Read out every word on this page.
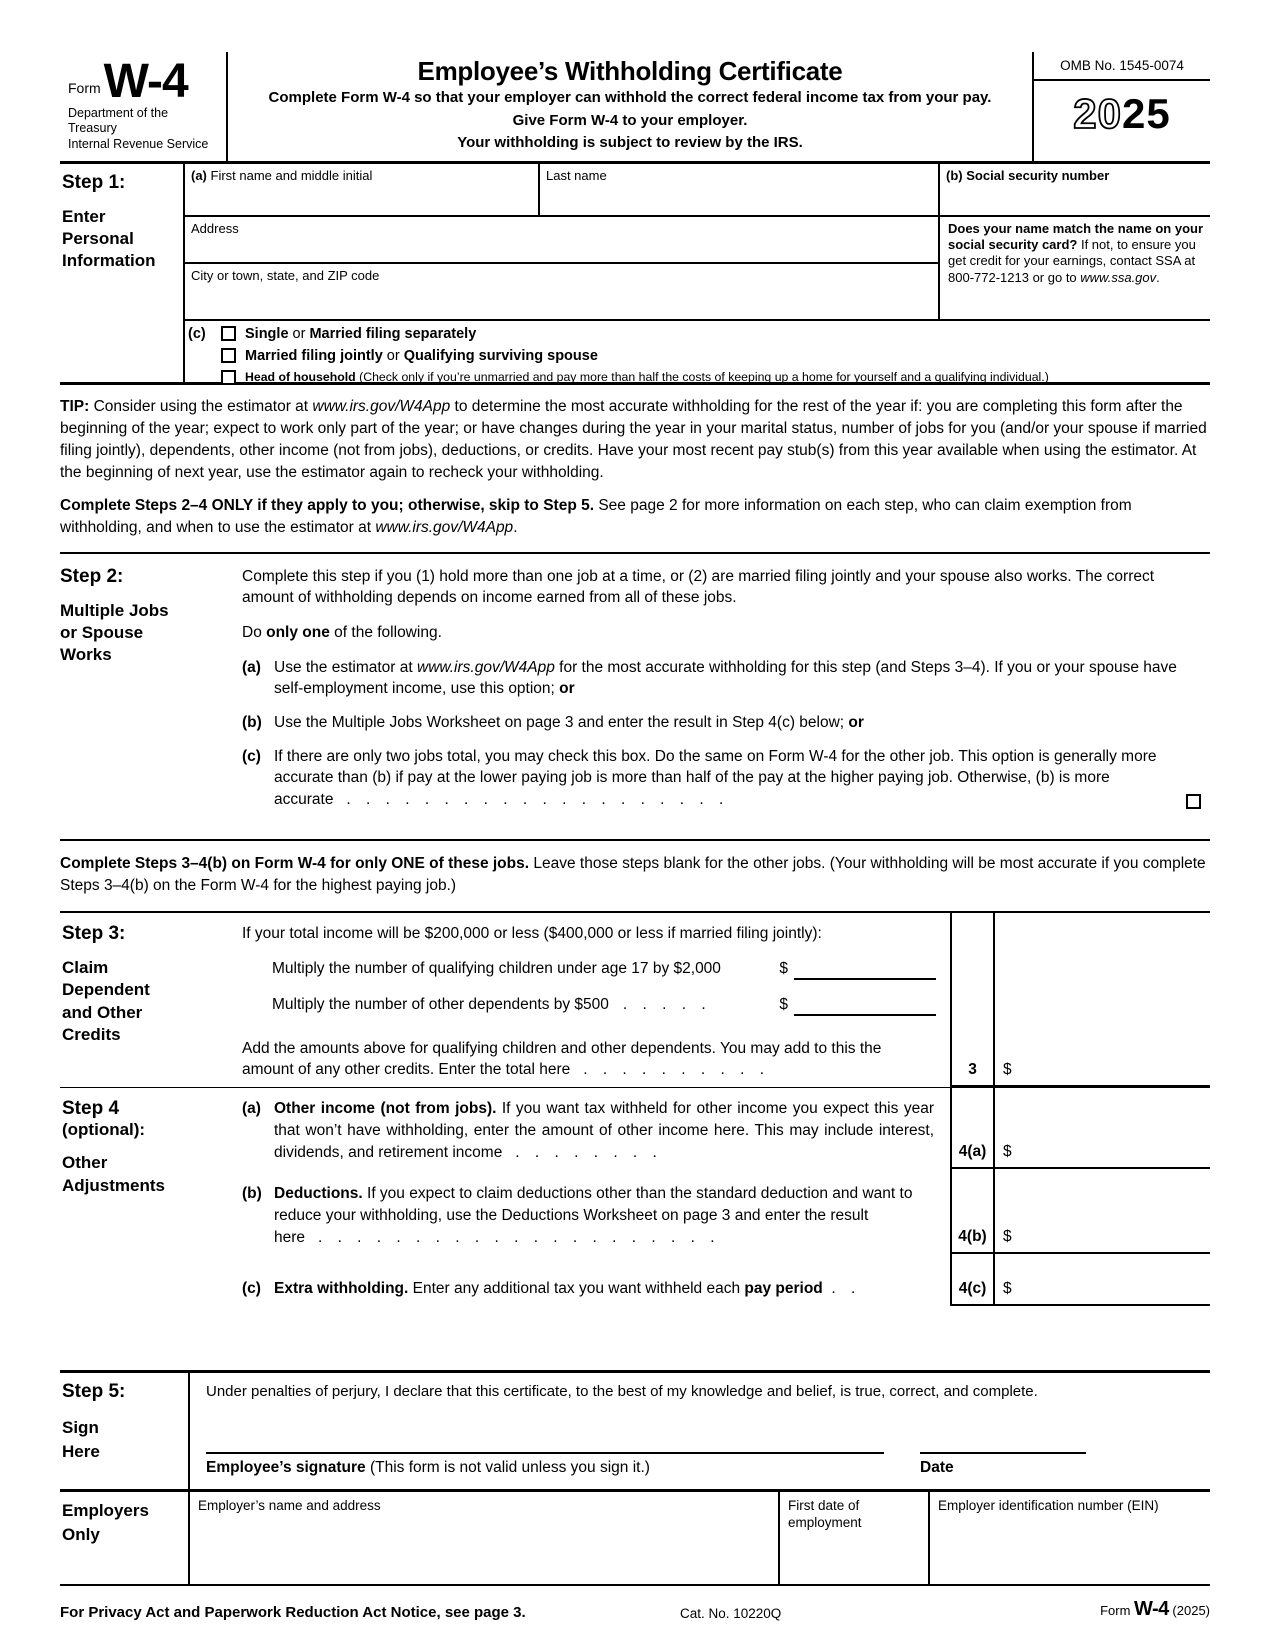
Form W-4
Department of the Treasury
Internal Revenue Service
Employee’s Withholding Certificate
Complete Form W-4 so that your employer can withhold the correct federal income tax from your pay.
Give Form W-4 to your employer.
Your withholding is subject to review by the IRS.
OMB No. 1545-0074
2025
Step 1:
Enter Personal Information
(a) First name and middle initial	Last name	(b) Social security number
Address	Does your name match the name on your social security card? If not, to ensure you get credit for your earnings, contact SSA at 800-772-1213 or go to www.ssa.gov.
City or town, state, and ZIP code
(c)	Single or Married filing separately
Married filing jointly or Qualifying surviving spouse
Head of household (Check only if you’re unmarried and pay more than half the costs of keeping up a home for yourself and a qualifying individual.)
TIP: Consider using the estimator at www.irs.gov/W4App to determine the most accurate withholding for the rest of the year if: you are completing this form after the beginning of the year; expect to work only part of the year; or have changes during the year in your marital status, number of jobs for you (and/or your spouse if married filing jointly), dependents, other income (not from jobs), deductions, or credits. Have your most recent pay stub(s) from this year available when using the estimator. At the beginning of next year, use the estimator again to recheck your withholding.
Complete Steps 2–4 ONLY if they apply to you; otherwise, skip to Step 5. See page 2 for more information on each step, who can claim exemption from withholding, and when to use the estimator at www.irs.gov/W4App.
Step 2:
Multiple Jobs or Spouse Works

Complete this step if you (1) hold more than one job at a time, or (2) are married filing jointly and your spouse also works. The correct amount of withholding depends on income earned from all of these jobs.

Do only one of the following.

(a) Use the estimator at www.irs.gov/W4App for the most accurate withholding for this step (and Steps 3–4). If you or your spouse have self-employment income, use this option; or
(b) Use the Multiple Jobs Worksheet on page 3 and enter the result in Step 4(c) below; or
(c) If there are only two jobs total, you may check this box. Do the same on Form W-4 for the other job. This option is generally more accurate than (b) if pay at the lower paying job is more than half of the pay at the higher paying job. Otherwise, (b) is more accurate . . . . . . . . . . . . . . . . . . . .
Complete Steps 3–4(b) on Form W-4 for only ONE of these jobs. Leave those steps blank for the other jobs. (Your withholding will be most accurate if you complete Steps 3–4(b) on the Form W-4 for the highest paying job.)
Step 3:
Claim Dependent and Other Credits
If your total income will be $200,000 or less ($400,000 or less if married filing jointly):
Multiply the number of qualifying children under age 17 by $2,000	$
Multiply the number of other dependents by $500 . . . . .	$
Add the amounts above for qualifying children and other dependents. You may add to this the amount of any other credits. Enter the total here . . . . . . . . . .	3	$
Step 4
(optional):
Other Adjustments
(a) Other income (not from jobs). If you want tax withheld for other income you expect this year that won’t have withholding, enter the amount of other income here. This may include interest, dividends, and retirement income . . . . . . . .	4(a)	$
(b) Deductions. If you expect to claim deductions other than the standard deduction and want to reduce your withholding, use the Deductions Worksheet on page 3 and enter the result here . . . . . . . . . . . . . . . . . . . . .	4(b)	$
(c) Extra withholding. Enter any additional tax you want withheld each pay period . .	4(c)	$
Step 5:
Sign
Here
Under penalties of perjury, I declare that this certificate, to the best of my knowledge and belief, is true, correct, and complete.
Employee’s signature (This form is not valid unless you sign it.)	Date
Employers
Only
Employer’s name and address	First date of employment
Employer identification number (EIN)
For Privacy Act and Paperwork Reduction Act Notice, see page 3.	Cat. No. 10220Q	Form W-4 (2025)
